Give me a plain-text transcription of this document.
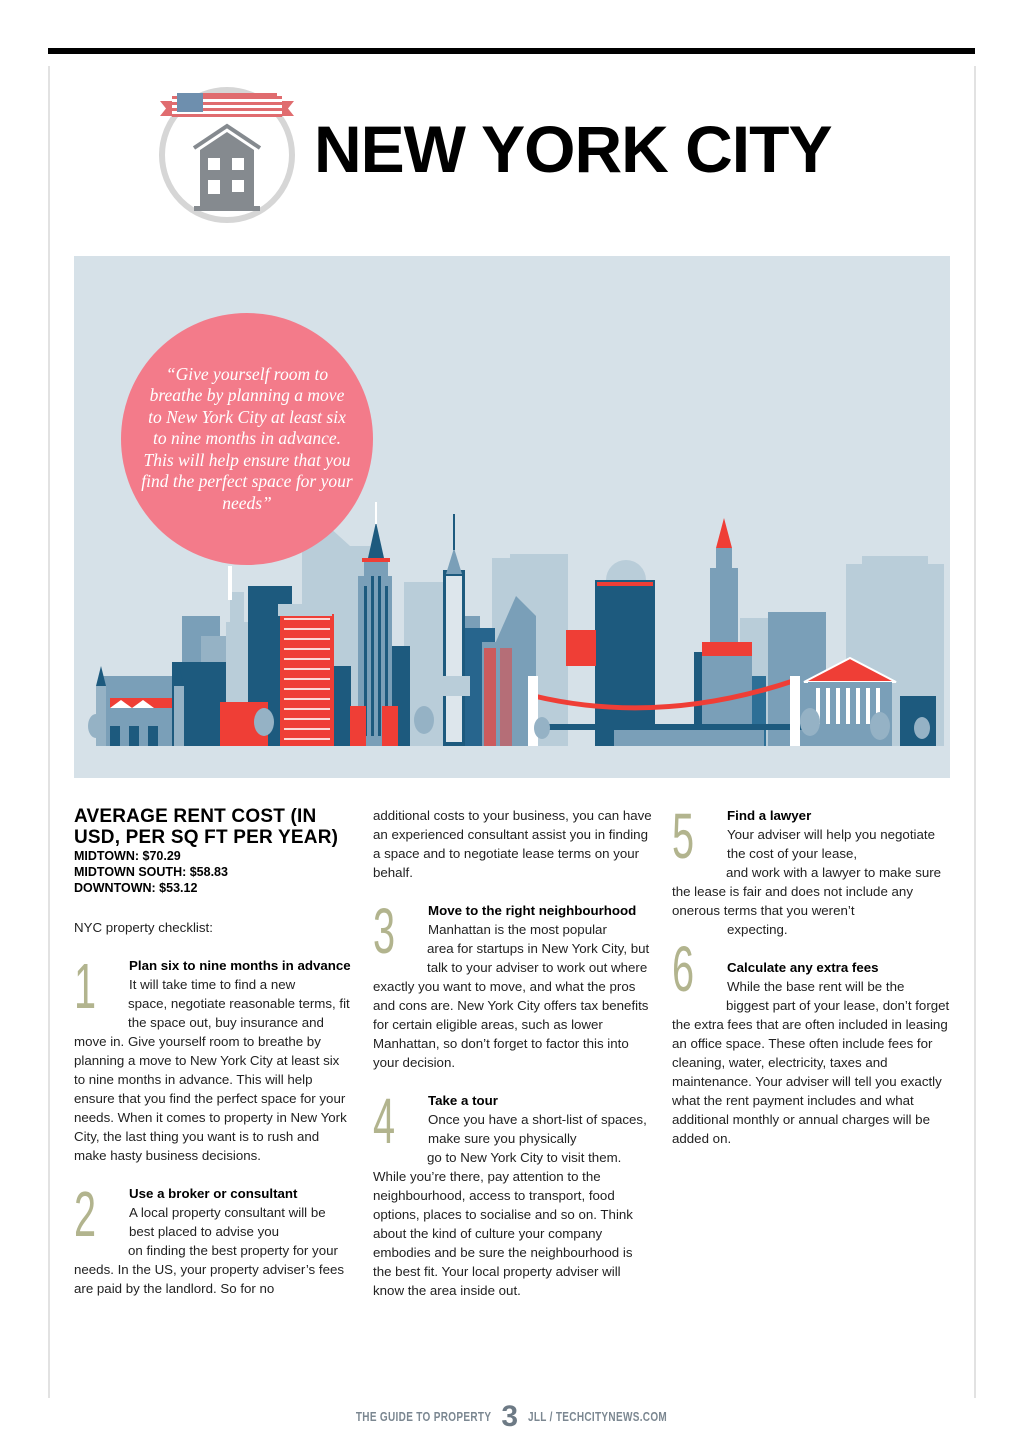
NEW YORK CITY

“Give yourself room to breathe by planning a move to New York City at least six to nine months in advance. This will help ensure that you find the perfect space for your needs”

AVERAGE RENT COST (IN USD, PER SQ FT PER YEAR)
MIDTOWN: $70.29
MIDTOWN SOUTH: $58.83
DOWNTOWN: $53.12

NYC property checklist:

1	Plan six to nine months in advance
It will take time to find a new
space, negotiate reasonable terms, fit the space out, buy insurance and move in. Give yourself room to breathe by planning a move to New York City at least six to nine months in advance. This will help ensure that you find the perfect space for your needs. When it comes to property in New York City, the last thing you want is to rush and make hasty business decisions.
2	Use a broker or consultant
A local property consultant will be best placed to advise you
on finding the best property for your needs. In the US, your property adviser’s fees are paid by the landlord. So for no

additional costs to your business, you can have an experienced consultant assist you in finding a space and to negotiate lease terms on your behalf.

3	Move to the right neighbourhood
Manhattan is the most popular
area for startups in New York City, but talk to your adviser to work out where exactly you want to move, and what the pros and cons are. New York City offers tax benefits for certain eligible areas, such as lower Manhattan, so don’t forget to factor this into your decision.
4	Take a tour
Once you have a short-list of spaces, make sure you physically
go to New York City to visit them. While you’re there, pay attention to the neighbourhood, access to transport, food options, places to socialise and so on. Think about the kind of culture your company embodies and be sure the neighbourhood is the best fit. Your local property adviser will know the area inside out.
5	Find a lawyer
Your adviser will help you negotiate the cost of your lease,
and work with a lawyer to make sure the lease is fair and does not include any onerous terms that you weren’t
expecting.
6	Calculate any extra fees
While the base rent will be the
biggest part of your lease, don’t forget the extra fees that are often included in leasing an office space. These often include fees for cleaning, water, electricity, taxes and maintenance. Your adviser will tell you exactly what the rent payment includes and what additional monthly or annual charges will be added on.
THE GUIDE TO PROPERTY 3 JLL / TECHCITYNEWS.COM
